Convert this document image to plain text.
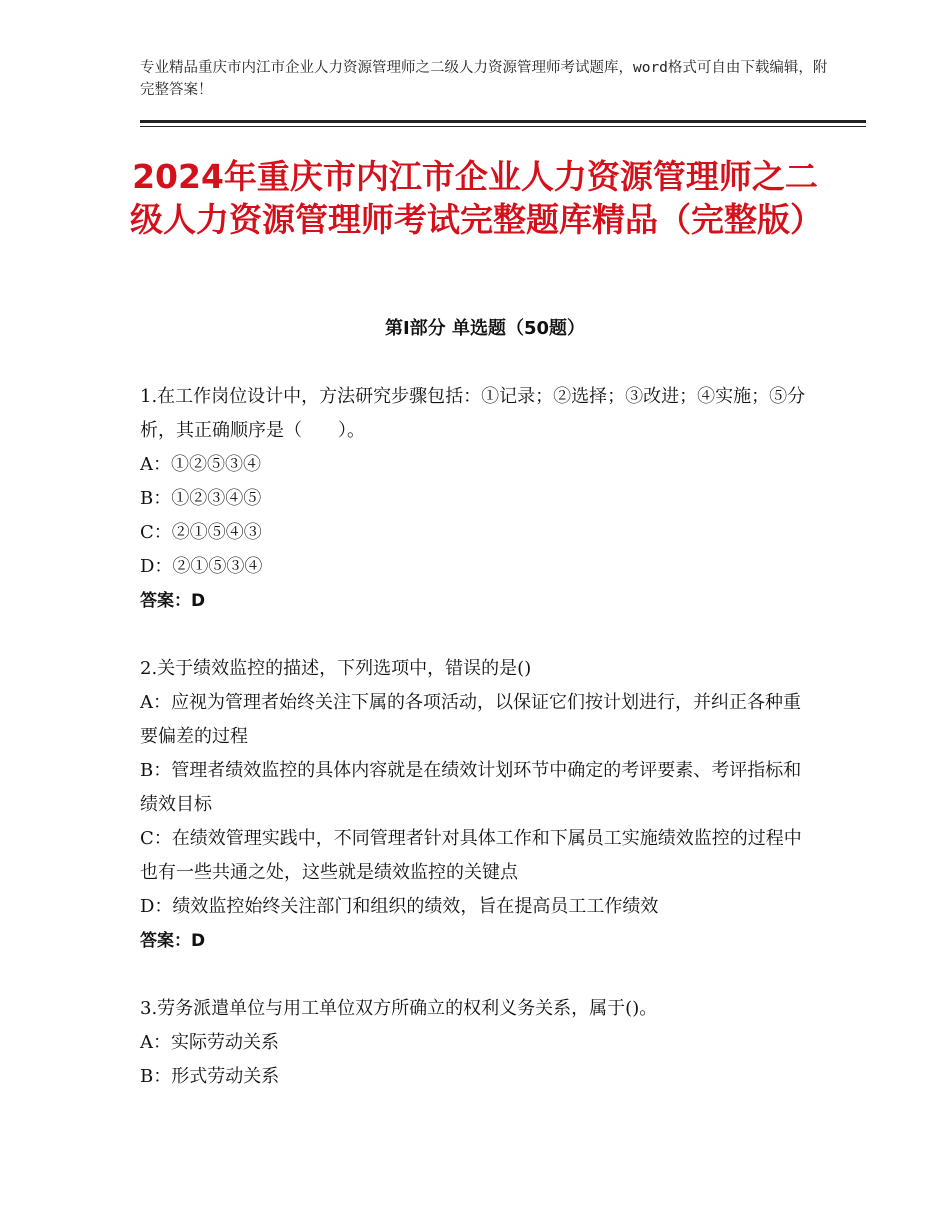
专业精品重庆市内江市企业人力资源管理师之二级人力资源管理师考试题库，word格式可自由下载编辑，附完整答案！
2024年重庆市内江市企业人力资源管理师之二级人力资源管理师考试完整题库精品（完整版）
第Ⅰ部分 单选题（50题）
1.在工作岗位设计中，方法研究步骤包括：①记录；②选择；③改进；④实施；⑤分析，其正确顺序是（　　）。
A：①②⑤③④
B：①②③④⑤
C：②①⑤④③
D：②①⑤③④
答案：D
2.关于绩效监控的描述，下列选项中，错误的是()
A：应视为管理者始终关注下属的各项活动，以保证它们按计划进行，并纠正各种重要偏差的过程
B：管理者绩效监控的具体内容就是在绩效计划环节中确定的考评要素、考评指标和绩效目标
C：在绩效管理实践中，不同管理者针对具体工作和下属员工实施绩效监控的过程中也有一些共通之处，这些就是绩效监控的关键点
D：绩效监控始终关注部门和组织的绩效，旨在提高员工工作绩效
答案：D
3.劳务派遣单位与用工单位双方所确立的权利义务关系，属于()。
A：实际劳动关系
B：形式劳动关系
